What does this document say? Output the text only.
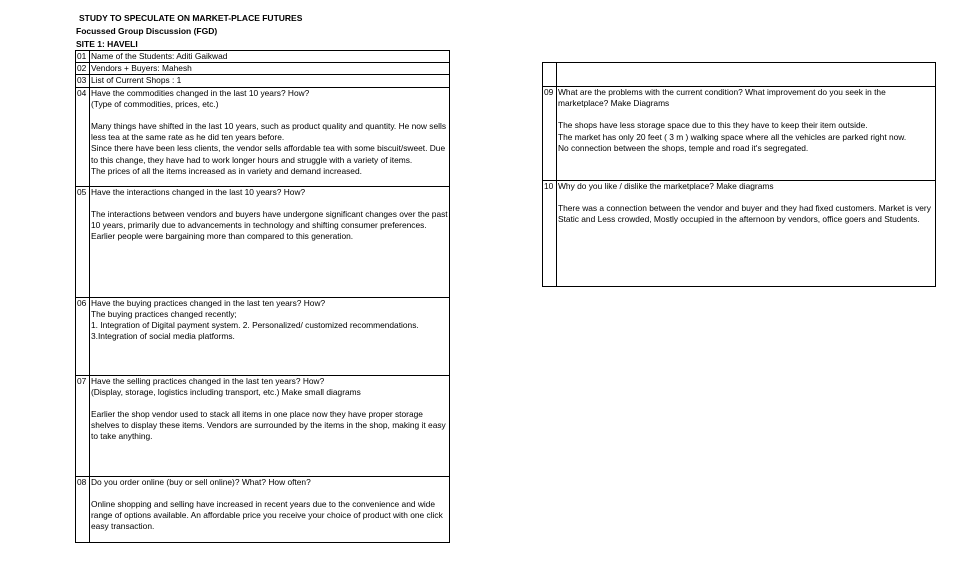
STUDY TO SPECULATE ON MARKET-PLACE FUTURES
Focussed Group Discussion (FGD)
SITE 1: HAVELI
01	Name of the Students: Aditi Gaikwad

02	Vendors + Buyers: Mahesh

03	List of Current Shops : 1

04	Have the commodities changed in the last 10 years? How?
(Type of commodities, prices, etc.)

Many things have shifted in the last 10 years, such as product quality and quantity. He now sells less tea at the same rate as he did ten years before.
Since there have been less clients, the vendor sells affordable tea with some biscuit/sweet. Due to this change, they have had to work longer hours and struggle with a variety of items.
The prices of all the items increased as in variety and demand increased.

05	Have the interactions changed in the last 10 years? How?

The interactions between vendors and buyers have undergone significant changes over the past 10 years, primarily due to advancements in technology and shifting consumer preferences.
Earlier people were bargaining more than compared to this generation.

06	Have the buying practices changed in the last ten years? How?

The buying practices changed recently;
1. Integration of Digital payment system. 2. Personalized/ customized recommendations.
3.Integration of social media platforms.

07	Have the selling practices changed in the last ten years? How?
(Display, storage, logistics including transport, etc.) Make small diagrams

Earlier the shop vendor used to stack all items in one place now they have proper storage shelves to display these items. Vendors are surrounded by the items in the shop, making it easy to take anything.

08	Do you order online (buy or sell online)? What? How often?

Online shopping and selling have increased in recent years due to the convenience and wide range of options available. An affordable price you receive your choice of product with one click easy transaction.

09	What are the problems with the current condition? What improvement do you seek in the marketplace? Make Diagrams

The shops have less storage space due to this they have to keep their item outside.
The market has only 20 feet ( 3 m ) walking space where all the vehicles are parked right now.
No connection between the shops, temple and road it's segregated.

10	Why do you like / dislike the marketplace? Make diagrams

There was a connection between the vendor and buyer and they had fixed customers. Market is very Static and Less crowded, Mostly occupied in the afternoon by vendors, office goers and Students.
